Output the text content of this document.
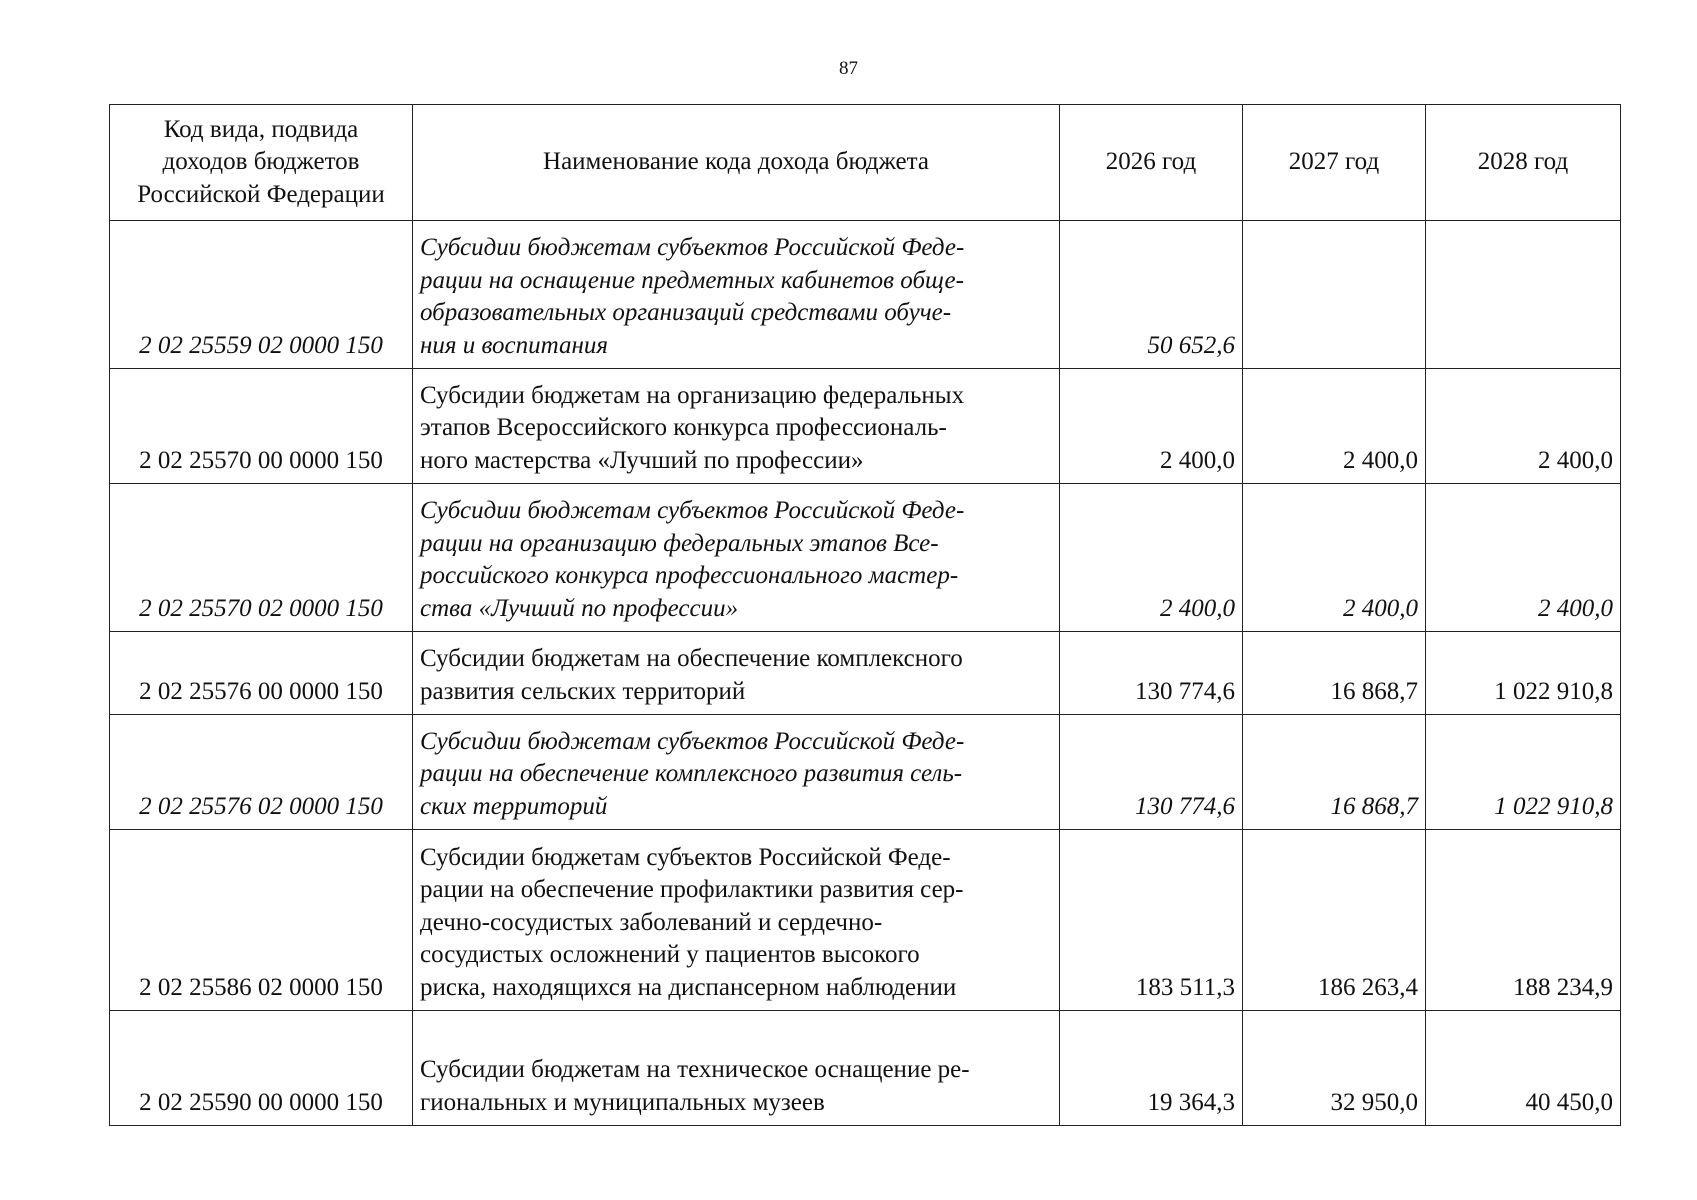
87
Код вида, подвида
доходов бюджетов
Российской Федерации	Наименование кода дохода бюджета	2026 год	2027 год	2028 год
2 02 25559 02 0000 150	Субсидии бюджетам субъектов Российской Феде-
рации на оснащение предметных кабинетов обще-
образовательных организаций средствами обуче-
ния и воспитания	50 652,6		
2 02 25570 00 0000 150	Субсидии бюджетам на организацию федеральных
этапов Всероссийского конкурса профессиональ-
ного мастерства «Лучший по профессии»	2 400,0	2 400,0	2 400,0
2 02 25570 02 0000 150	Субсидии бюджетам субъектов Российской Феде-
рации на организацию федеральных этапов Все-
российского конкурса профессионального мастер-
ства «Лучший по профессии»	2 400,0	2 400,0	2 400,0
2 02 25576 00 0000 150	Субсидии бюджетам на обеспечение комплексного
развития сельских территорий	130 774,6	16 868,7	1 022 910,8
2 02 25576 02 0000 150	Субсидии бюджетам субъектов Российской Феде-
рации на обеспечение комплексного развития сель-
ских территорий	130 774,6	16 868,7	1 022 910,8
2 02 25586 02 0000 150	Субсидии бюджетам субъектов Российской Феде-
рации на обеспечение профилактики развития сер-
дечно-сосудистых заболеваний и сердечно-
сосудистых осложнений у пациентов высокого
риска, находящихся на диспансерном наблюдении	183 511,3	186 263,4	188 234,9
2 02 25590 00 0000 150	Субсидии бюджетам на техническое оснащение ре-
гиональных и муниципальных музеев	19 364,3	32 950,0	40 450,0
